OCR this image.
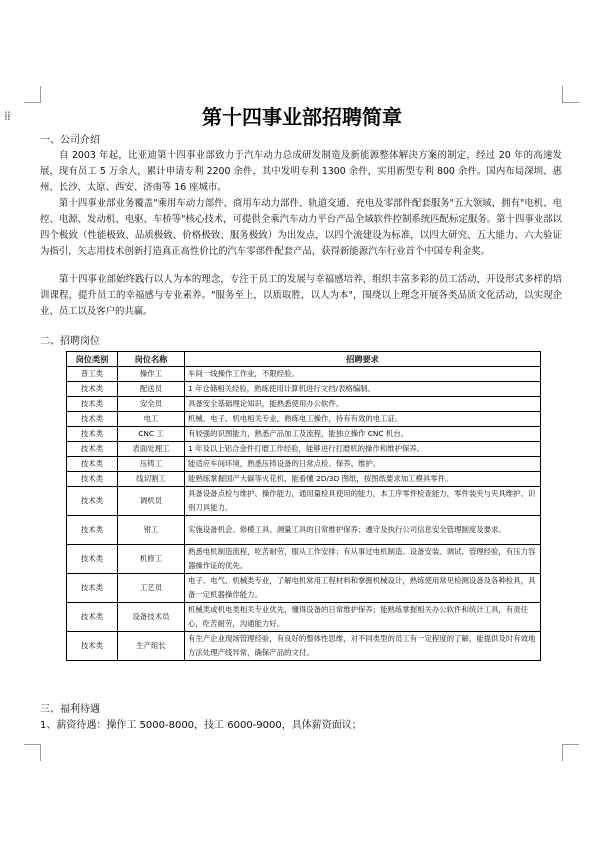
⁞⁞	第十四事业部招聘简章
一、公司介绍
自 2003 年起，比亚迪第十四事业部致力于汽车动力总成研发制造及新能源整体解决方案的制定，经过 20 年的高速发展，现有员工 5 万余人，累计申请专利 2200 余件，其中发明专利 1300 余件，实用新型专利 800 余件。国内布局深圳、惠州、长沙、太原、西安、济南等 16 座城市。
第十四事业部业务覆盖"乘用车动力部件、商用车动力部件、轨道交通、充电及零部件配套服务"五大领域，拥有"电机、电控、电源、发动机、电驱、车桥等"核心技术，可提供全乘汽车动力平台产品全域软件控制系统匹配标定服务。第十四事业部以四个极致（性能极致、品质极致、价格极致、服务极致）为出发点，以四个流建设为标准，以四大研究、五大能力、六大验证为指引，矢志用技术创新打造真正高性价比的汽车零部件配套产品，获得新能源汽车行业首个中国专利金奖。
第十四事业部始终践行以人为本的理念，专注于员工的发展与幸福感培养，组织丰富多彩的员工活动，开设形式多样的培训课程，提升员工的幸福感与专业素养。"服务至上，以质取胜，以人为本"，围绕以上理念开展各类品质文化活动，以实现企业、员工以及客户的共赢。
二、招聘岗位
岗位类别	岗位名称	招聘要求
普工类	操作工	车间一线操作工作业，不限经验。
技术类	配送员	1 年仓储相关经验，熟练使用计算机进行文档/表格编制。
技术类	安全员	具备安全基础理论知识，能熟悉使用办公软件。
技术类	电工	机械、电子、机电相关专业，熟练电工操作，持有有效的电工证。
技术类	CNC 工	有较强的识图能力，熟悉产品加工及流程，能独立操作 CNC 机台。
技术类	表面处理工	1 年及以上铝合金件打磨工作经验，能够进行打磨机的操作和维护保养。
技术类	压铸工	能适应车间环境，熟悉压铸设备的日常点检、保养、维护。
技术类	线切割工	能熟练掌握国产大碳等火花机，能看懂 2D/3D 图纸，按图纸要求加工模具零件。
技术类	调机员	具备设备点检与维护、操作能力，通用量检具使用的能力，本工序零件检查能力，零件装夹与夹具维护、识别刀具能力。
技术类	钳工	实施设备机会、修模工具、测量工具的日常维护保养；遵守及执行公司信息安全管理制度及要求。
技术类	机修工	熟悉电机制造流程，吃苦耐劳，服从工作安排；有从事过电机制造、设备安装、调试、管理经验，有压力容器操作证的优先。
技术类	工艺员	电子、电气、机械类专业，了解电机常用工程材料和掌握机械设计，熟练使用常见检测设备及各种检具，具备一定机器操作能力。
技术类	设备技术员	机械类或机电类相关专业优先，懂得设备的日常维护保养；能熟练掌握相关办公软件和统计工具，有责任心，吃苦耐劳，沟通能力好。
技术类	生产组长	有生产企业现场管理经验，有良好的整体性思维，对不同类型的员工有一定程度的了解，能提供及时有效地方法处理产线异常，确保产品的文付。
三、福利待遇
1、薪资待遇：操作工 5000-8000，技工 6000-9000，具体薪资面议；
